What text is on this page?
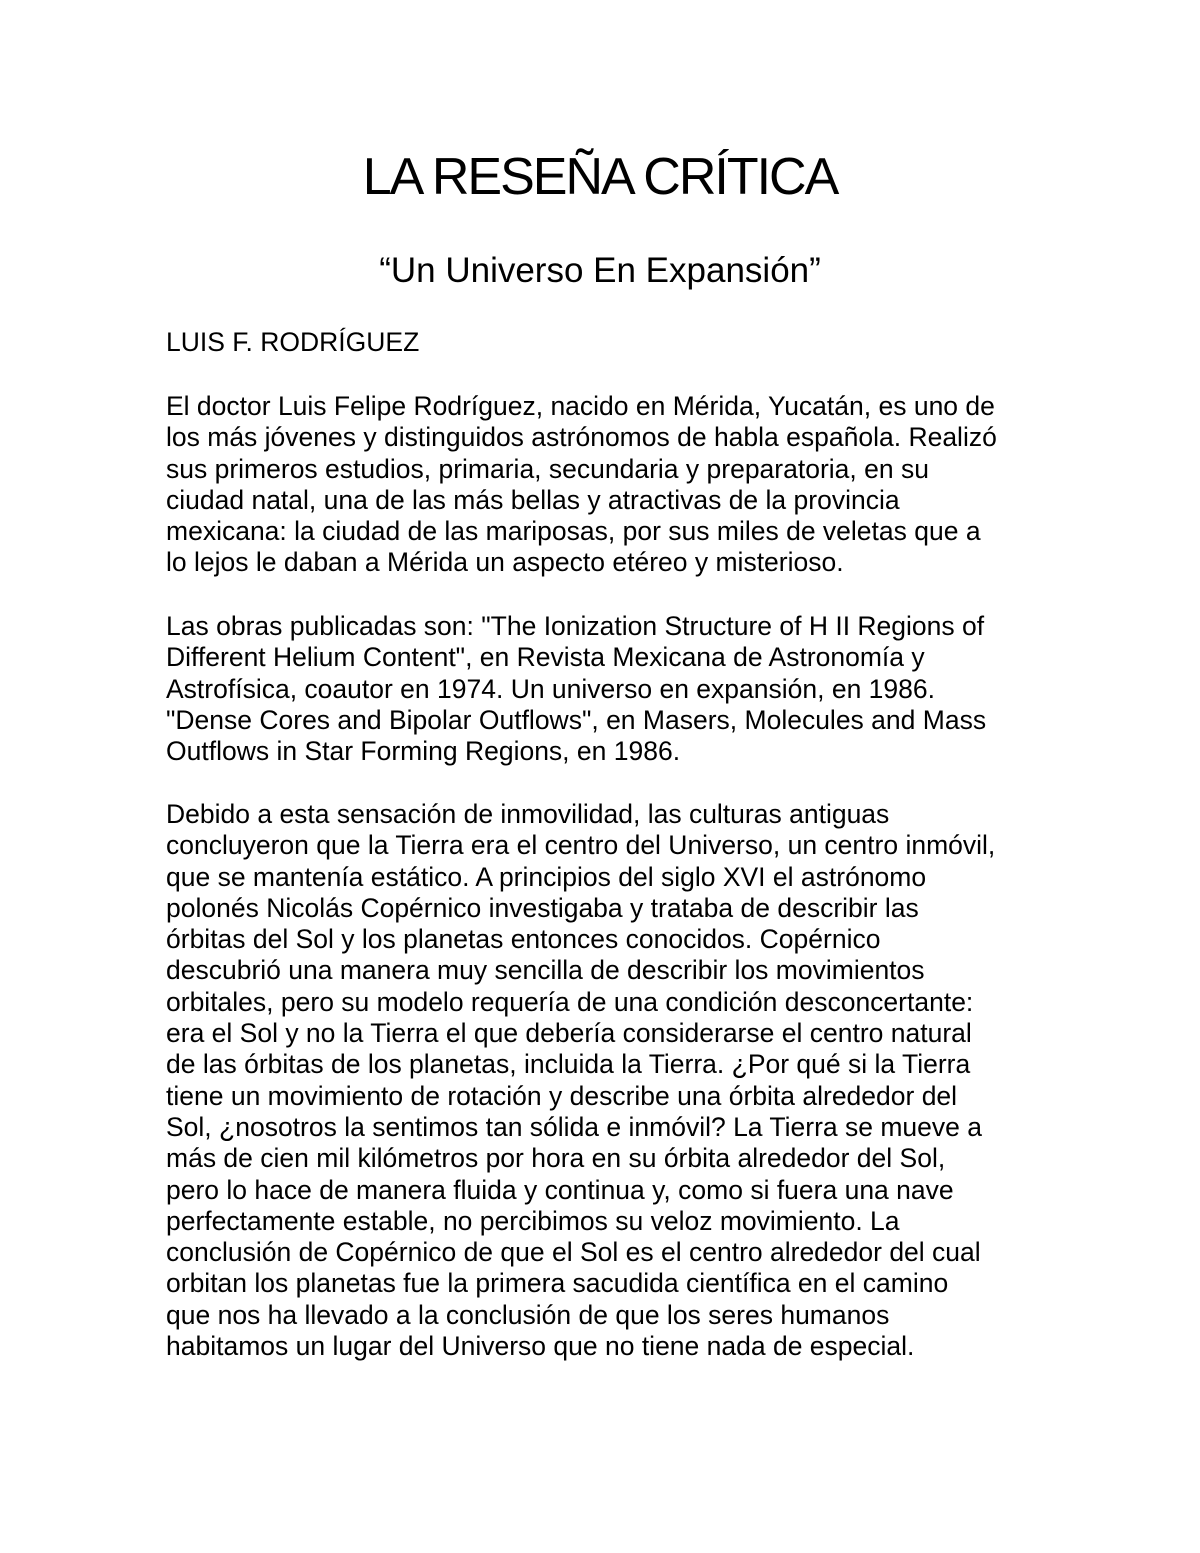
LA RESEÑA CRÍTICA
“Un Universo En Expansión”

LUIS F. RODRÍGUEZ

El doctor Luis Felipe Rodríguez, nacido en Mérida, Yucatán, es uno de
los más jóvenes y distinguidos astrónomos de habla española. Realizó
sus primeros estudios, primaria, secundaria y preparatoria, en su
ciudad natal, una de las más bellas y atractivas de la provincia
mexicana: la ciudad de las mariposas, por sus miles de veletas que a
lo lejos le daban a Mérida un aspecto etéreo y misterioso.

Las obras publicadas son: "The Ionization Structure of H II Regions of
Different Helium Content", en Revista Mexicana de Astronomía y
Astrofísica, coautor en 1974. Un universo en expansión, en 1986.
"Dense Cores and Bipolar Outflows", en Masers, Molecules and Mass
Outflows in Star Forming Regions, en 1986.

Debido a esta sensación de inmovilidad, las culturas antiguas
concluyeron que la Tierra era el centro del Universo, un centro inmóvil,
que se mantenía estático. A principios del siglo XVI el astrónomo
polonés Nicolás Copérnico investigaba y trataba de describir las
órbitas del Sol y los planetas entonces conocidos. Copérnico
descubrió una manera muy sencilla de describir los movimientos
orbitales, pero su modelo requería de una condición desconcertante:
era el Sol y no la Tierra el que debería considerarse el centro natural
de las órbitas de los planetas, incluida la Tierra. ¿Por qué si la Tierra
tiene un movimiento de rotación y describe una órbita alrededor del
Sol, ¿nosotros la sentimos tan sólida e inmóvil? La Tierra se mueve a
más de cien mil kilómetros por hora en su órbita alrededor del Sol,
pero lo hace de manera fluida y continua y, como si fuera una nave
perfectamente estable, no percibimos su veloz movimiento. La
conclusión de Copérnico de que el Sol es el centro alrededor del cual
orbitan los planetas fue la primera sacudida científica en el camino
que nos ha llevado a la conclusión de que los seres humanos
habitamos un lugar del Universo que no tiene nada de especial.
